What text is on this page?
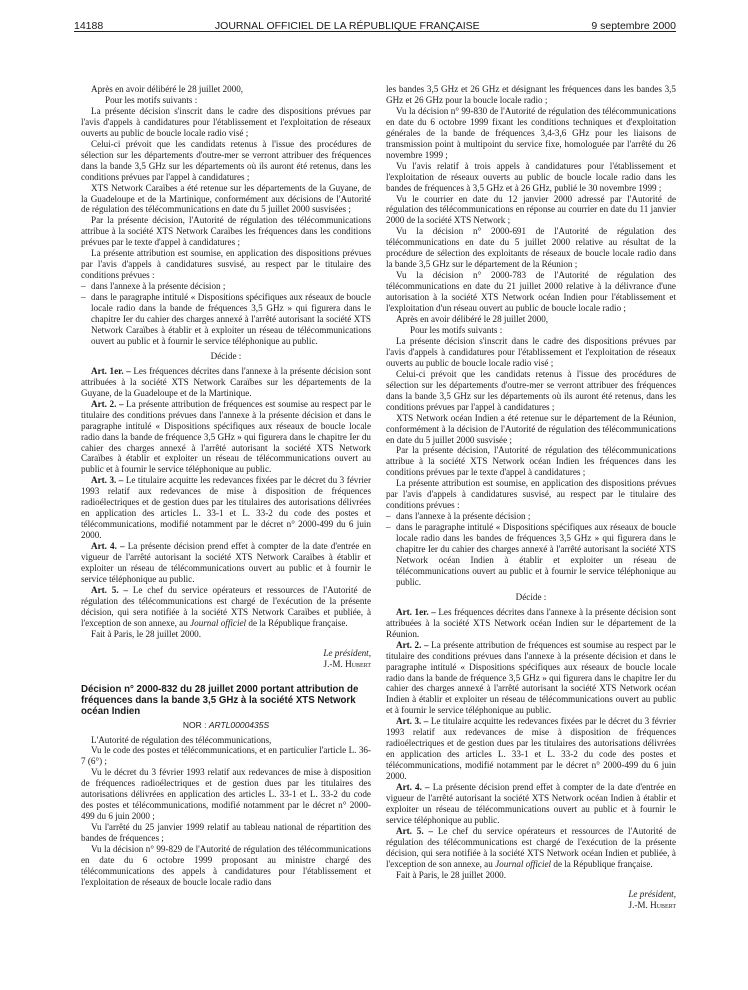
14188	JOURNAL OFFICIEL DE LA RÉPUBLIQUE FRANÇAISE	9 septembre 2000

Après en avoir délibéré le 28 juillet 2000,

Pour les motifs suivants :

La présente décision s'inscrit dans le cadre des dispositions prévues par l'avis d'appels à candidatures pour l'établissement et l'exploitation de réseaux ouverts au public de boucle locale radio visé ;

Celui-ci prévoit que les candidats retenus à l'issue des procédures de sélection sur les départements d'outre-mer se verront attribuer des fréquences dans la bande 3,5 GHz sur les départements où ils auront été retenus, dans les conditions prévues par l'appel à candidatures ;

XTS Network Caraïbes a été retenue sur les départements de la Guyane, de la Guadeloupe et de la Martinique, conformément aux décisions de l'Autorité de régulation des télécommunications en date du 5 juillet 2000 susvisées ;

Par la présente décision, l'Autorité de régulation des télécommunications attribue à la société XTS Network Caraïbes les fréquences dans les conditions prévues par le texte d'appel à candidatures ;

La présente attribution est soumise, en application des dispositions prévues par l'avis d'appels à candidatures susvisé, au respect par le titulaire des conditions prévues :

– dans l'annexe à la présente décision ;

– dans le paragraphe intitulé « Dispositions spécifiques aux réseaux de boucle locale radio dans la bande de fréquences 3,5 GHz » qui figurera dans le chapitre Ier du cahier des charges annexé à l'arrêté autorisant la société XTS Network Caraïbes à établir et à exploiter un réseau de télécommunications ouvert au public et à fournir le service téléphonique au public.

Décide :

Art. 1er. – Les fréquences décrites dans l'annexe à la présente décision sont attribuées à la société XTS Network Caraïbes sur les départements de la Guyane, de la Guadeloupe et de la Martinique.

Art. 2. – La présente attribution de fréquences est soumise au respect par le titulaire des conditions prévues dans l'annexe à la présente décision et dans le paragraphe intitulé « Dispositions spécifiques aux réseaux de boucle locale radio dans la bande de fréquence 3,5 GHz » qui figurera dans le chapitre Ier du cahier des charges annexé à l'arrêté autorisant la société XTS Network Caraïbes à établir et exploiter un réseau de télécommunications ouvert au public et à fournir le service téléphonique au public.

Art. 3. – Le titulaire acquitte les redevances fixées par le décret du 3 février 1993 relatif aux redevances de mise à disposition de fréquences radioélectriques et de gestion dues par les titulaires des autorisations délivrées en application des articles L. 33-1 et L. 33-2 du code des postes et télécommunications, modifié notamment par le décret n° 2000-499 du 6 juin 2000.

Art. 4. – La présente décision prend effet à compter de la date d'entrée en vigueur de l'arrêté autorisant la société XTS Network Caraïbes à établir et exploiter un réseau de télécommunications ouvert au public et à fournir le service téléphonique au public.

Art. 5. – Le chef du service opérateurs et ressources de l'Autorité de régulation des télécommunications est chargé de l'exécution de la présente décision, qui sera notifiée à la société XTS Network Caraïbes et publiée, à l'exception de son annexe, au Journal officiel de la République française.

Fait à Paris, le 28 juillet 2000.

Le président,

J.-M. Hubert

Décision n° 2000-832 du 28 juillet 2000 portant attribution de fréquences dans la bande 3,5 GHz à la société XTS Network océan Indien

NOR : ARTL0000435S

L'Autorité de régulation des télécommunications,

Vu le code des postes et télécommunications, et en particulier l'article L. 36-7 (6°) ;

Vu le décret du 3 février 1993 relatif aux redevances de mise à disposition de fréquences radioélectriques et de gestion dues par les titulaires des autorisations délivrées en application des articles L. 33-1 et L. 33-2 du code des postes et télécommunications, modifié notamment par le décret n° 2000-499 du 6 juin 2000 ;

Vu l'arrêté du 25 janvier 1999 relatif au tableau national de répartition des bandes de fréquences ;

Vu la décision n° 99-829 de l'Autorité de régulation des télécommunications en date du 6 octobre 1999 proposant au ministre chargé des télécommunications des appels à candidatures pour l'établissement et l'exploitation de réseaux de boucle locale radio dans

les bandes 3,5 GHz et 26 GHz et désignant les fréquences dans les bandes 3,5 GHz et 26 GHz pour la boucle locale radio ;

Vu la décision n° 99-830 de l'Autorité de régulation des télécommunications en date du 6 octobre 1999 fixant les conditions techniques et d'exploitation générales de la bande de fréquences 3,4-3,6 GHz pour les liaisons de transmission point à multipoint du service fixe, homologuée par l'arrêté du 26 novembre 1999 ;

Vu l'avis relatif à trois appels à candidatures pour l'établissement et l'exploitation de réseaux ouverts au public de boucle locale radio dans les bandes de fréquences à 3,5 GHz et à 26 GHz, publié le 30 novembre 1999 ;

Vu le courrier en date du 12 janvier 2000 adressé par l'Autorité de régulation des télécommunications en réponse au courrier en date du 11 janvier 2000 de la société XTS Network ;

Vu la décision n° 2000-691 de l'Autorité de régulation des télécommunications en date du 5 juillet 2000 relative au résultat de la procédure de sélection des exploitants de réseaux de boucle locale radio dans la bande 3,5 GHz sur le département de la Réunion ;

Vu la décision n° 2000-783 de l'Autorité de régulation des télécommunications en date du 21 juillet 2000 relative à la délivrance d'une autorisation à la société XTS Network océan Indien pour l'établissement et l'exploitation d'un réseau ouvert au public de boucle locale radio ;

Après en avoir délibéré le 28 juillet 2000,

Pour les motifs suivants :

La présente décision s'inscrit dans le cadre des dispositions prévues par l'avis d'appels à candidatures pour l'établissement et l'exploitation de réseaux ouverts au public de boucle locale radio visé ;

Celui-ci prévoit que les candidats retenus à l'issue des procédures de sélection sur les départements d'outre-mer se verront attribuer des fréquences dans la bande 3,5 GHz sur les départements où ils auront été retenus, dans les conditions prévues par l'appel à candidatures ;

XTS Network océan Indien a été retenue sur le département de la Réunion, conformément à la décision de l'Autorité de régulation des télécommunications en date du 5 juillet 2000 susvisée ;

Par la présente décision, l'Autorité de régulation des télécommunications attribue à la société XTS Network océan Indien les fréquences dans les conditions prévues par le texte d'appel à candidatures ;

La présente attribution est soumise, en application des dispositions prévues par l'avis d'appels à candidatures susvisé, au respect par le titulaire des conditions prévues :

– dans l'annexe à la présente décision ;

– dans le paragraphe intitulé « Dispositions spécifiques aux réseaux de boucle locale radio dans les bandes de fréquences 3,5 GHz » qui figurera dans le chapitre Ier du cahier des charges annexé à l'arrêté autorisant la société XTS Network océan Indien à établir et exploiter un réseau de télécommunications ouvert au public et à fournir le service téléphonique au public.

Décide :

Art. 1er. – Les fréquences décrites dans l'annexe à la présente décision sont attribuées à la société XTS Network océan Indien sur le département de la Réunion.

Art. 2. – La présente attribution de fréquences est soumise au respect par le titulaire des conditions prévues dans l'annexe à la présente décision et dans le paragraphe intitulé « Dispositions spécifiques aux réseaux de boucle locale radio dans la bande de fréquence 3,5 GHz » qui figurera dans le chapitre Ier du cahier des charges annexé à l'arrêté autorisant la société XTS Network océan Indien à établir et exploiter un réseau de télécommunications ouvert au public et à fournir le service téléphonique au public.

Art. 3. – Le titulaire acquitte les redevances fixées par le décret du 3 février 1993 relatif aux redevances de mise à disposition de fréquences radioélectriques et de gestion dues par les titulaires des autorisations délivrées en application des articles L. 33-1 et L. 33-2 du code des postes et télécommunications, modifié notamment par le décret n° 2000-499 du 6 juin 2000.

Art. 4. – La présente décision prend effet à compter de la date d'entrée en vigueur de l'arrêté autorisant la société XTS Network océan Indien à établir et exploiter un réseau de télécommunications ouvert au public et à fournir le service téléphonique au public.

Art. 5. – Le chef du service opérateurs et ressources de l'Autorité de régulation des télécommunications est chargé de l'exécution de la présente décision, qui sera notifiée à la société XTS Network océan Indien et publiée, à l'exception de son annexe, au Journal officiel de la République française.

Fait à Paris, le 28 juillet 2000.

Le président,

J.-M. Hubert
